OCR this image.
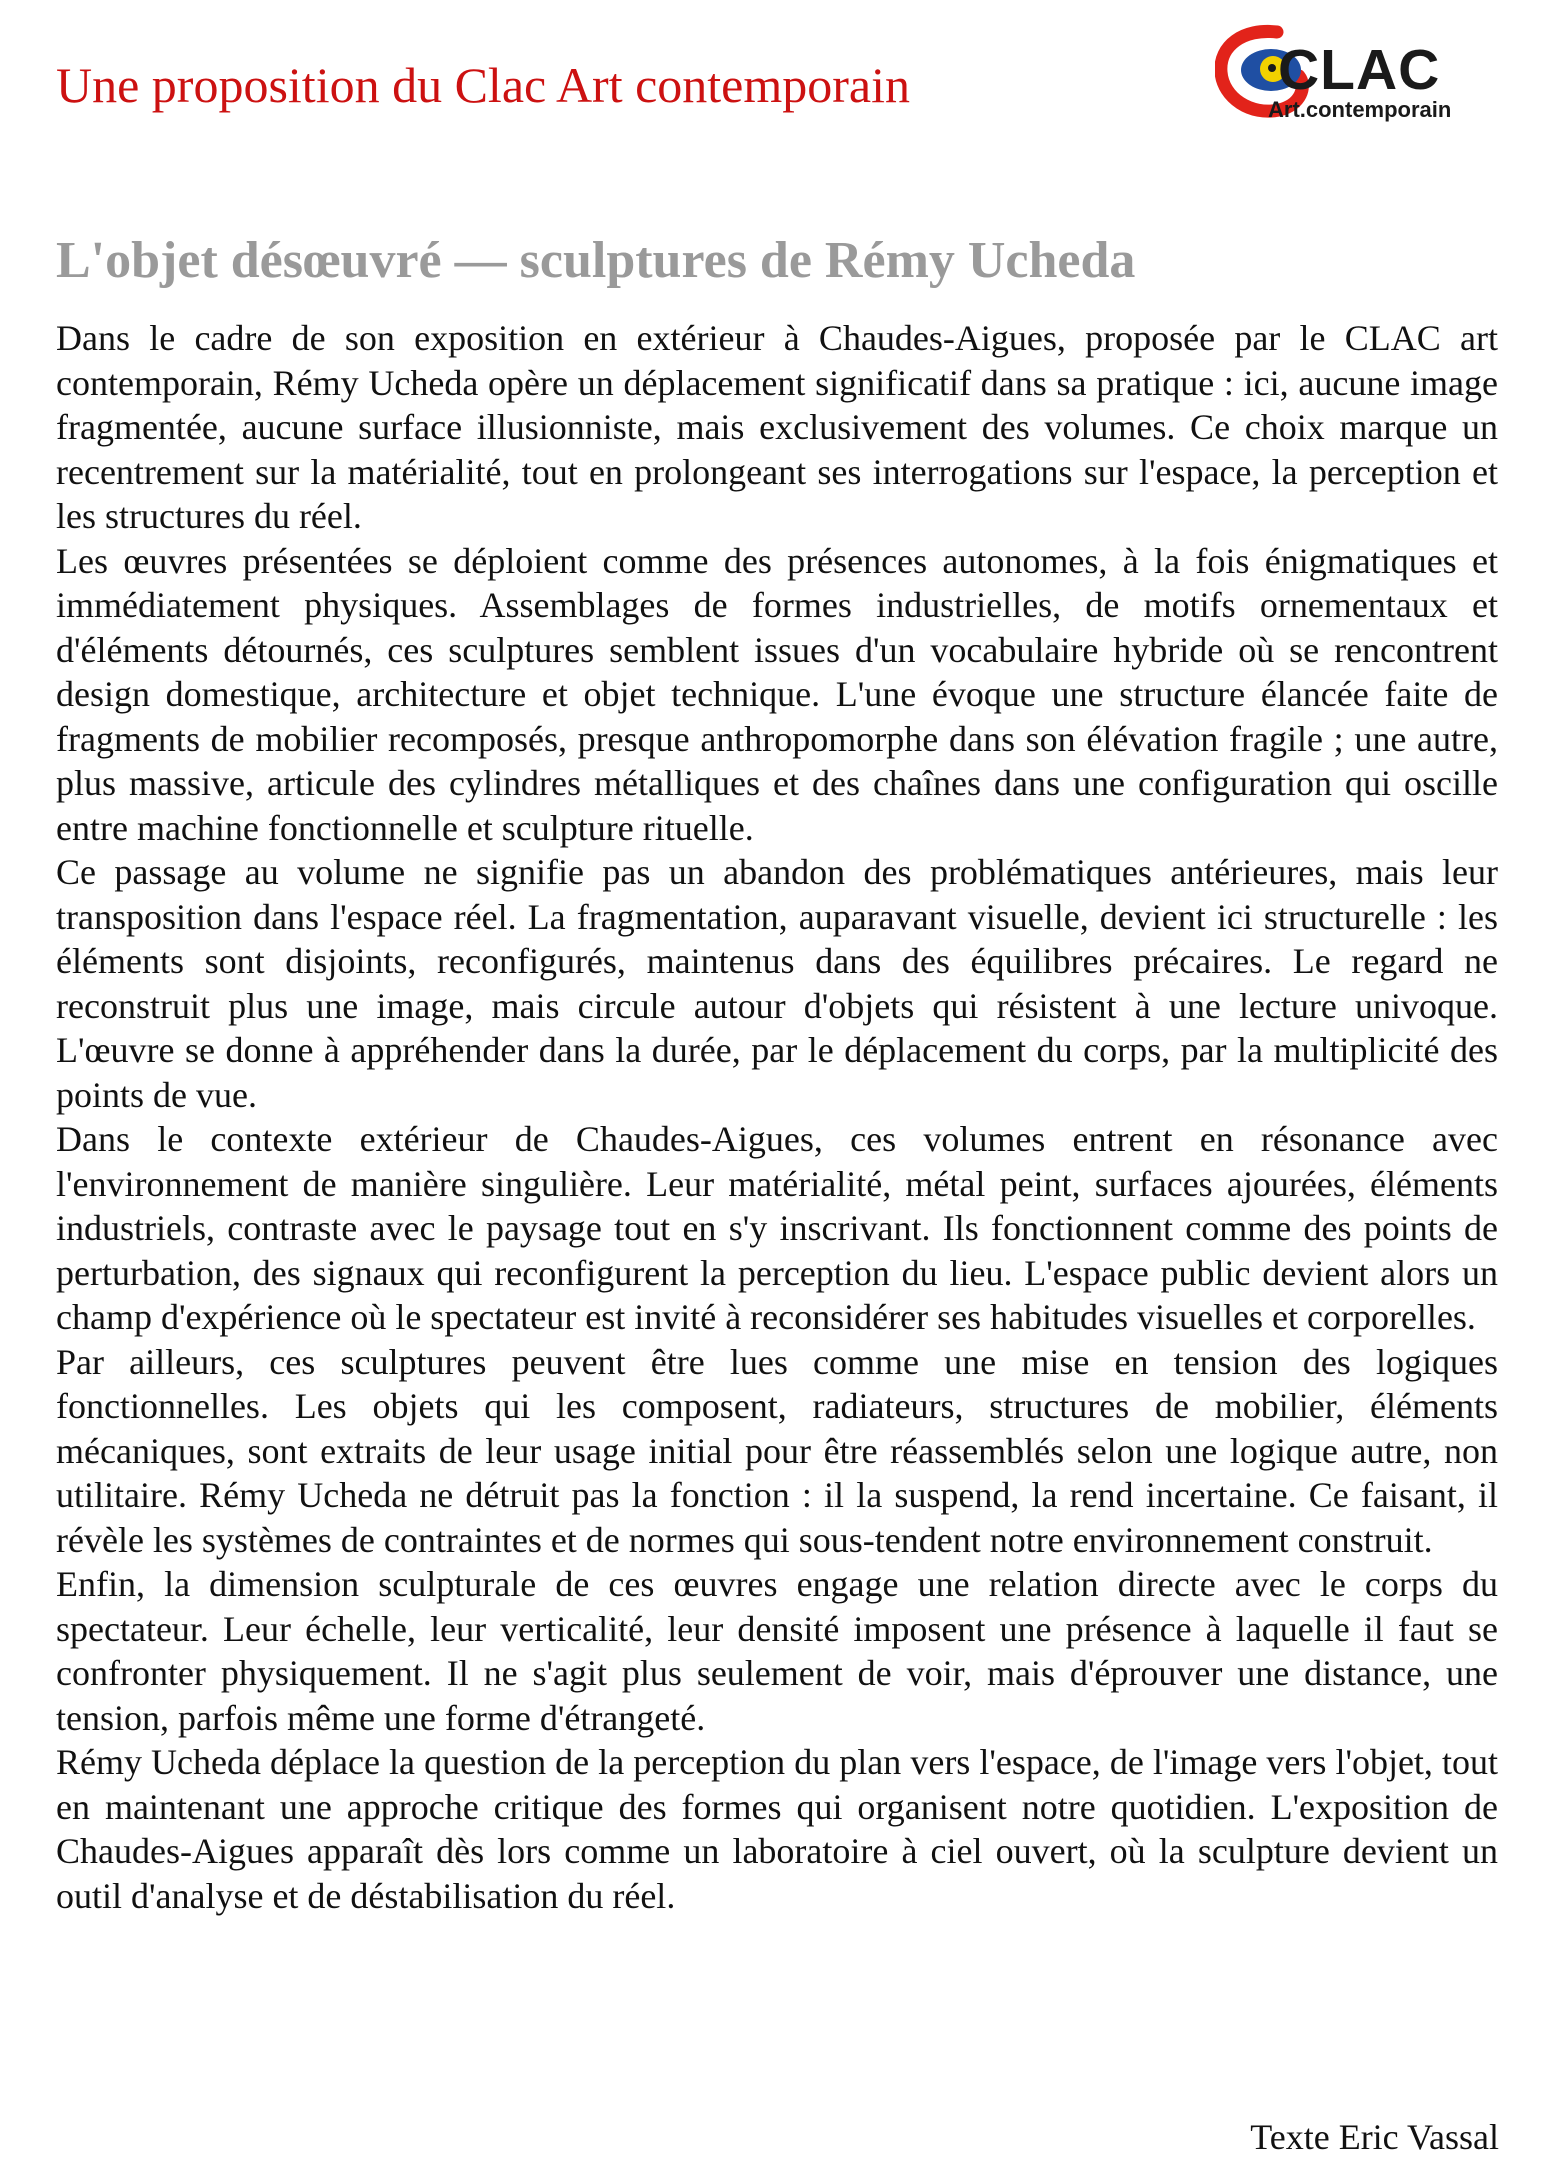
Une proposition du Clac Art contemporain	CLAC
Art.contemporain
L'objet désœuvré — sculptures de Rémy Ucheda

Dans le cadre de son exposition en extérieur à Chaudes-Aigues, proposée par le CLAC art contemporain, Rémy Ucheda opère un déplacement significatif dans sa pratique : ici, aucune image fragmentée, aucune surface illusionniste, mais exclusivement des volumes. Ce choix marque un recentrement sur la matérialité, tout en prolongeant ses interrogations sur l'espace, la perception et les structures du réel.

Les œuvres présentées se déploient comme des présences autonomes, à la fois énigmatiques et immédiatement physiques. Assemblages de formes industrielles, de motifs ornementaux et d'éléments détournés, ces sculptures semblent issues d'un vocabulaire hybride où se rencontrent design domestique, architecture et objet technique. L'une évoque une structure élancée faite de fragments de mobilier recomposés, presque anthropomorphe dans son élévation fragile ; une autre, plus massive, articule des cylindres métalliques et des chaînes dans une configuration qui oscille entre machine fonctionnelle et sculpture rituelle.

Ce passage au volume ne signifie pas un abandon des problématiques antérieures, mais leur transposition dans l'espace réel. La fragmentation, auparavant visuelle, devient ici structurelle : les éléments sont disjoints, reconfigurés, maintenus dans des équilibres précaires. Le regard ne reconstruit plus une image, mais circule autour d'objets qui résistent à une lecture univoque. L'œuvre se donne à appréhender dans la durée, par le déplacement du corps, par la multiplicité des points de vue.

Dans le contexte extérieur de Chaudes-Aigues, ces volumes entrent en résonance avec l'environnement de manière singulière. Leur matérialité, métal peint, surfaces ajourées, éléments industriels, contraste avec le paysage tout en s'y inscrivant. Ils fonctionnent comme des points de perturbation, des signaux qui reconfigurent la perception du lieu. L'espace public devient alors un champ d'expérience où le spectateur est invité à reconsidérer ses habitudes visuelles et corporelles.

Par ailleurs, ces sculptures peuvent être lues comme une mise en tension des logiques fonctionnelles. Les objets qui les composent, radiateurs, structures de mobilier, éléments mécaniques, sont extraits de leur usage initial pour être réassemblés selon une logique autre, non utilitaire. Rémy Ucheda ne détruit pas la fonction : il la suspend, la rend incertaine. Ce faisant, il révèle les systèmes de contraintes et de normes qui sous-tendent notre environnement construit.

Enfin, la dimension sculpturale de ces œuvres engage une relation directe avec le corps du spectateur. Leur échelle, leur verticalité, leur densité imposent une présence à laquelle il faut se confronter physiquement. Il ne s'agit plus seulement de voir, mais d'éprouver une distance, une tension, parfois même une forme d'étrangeté.

Rémy Ucheda déplace la question de la perception du plan vers l'espace, de l'image vers l'objet, tout en maintenant une approche critique des formes qui organisent notre quotidien. L'exposition de Chaudes-Aigues apparaît dès lors comme un laboratoire à ciel ouvert, où la sculpture devient un outil d'analyse et de déstabilisation du réel.

Texte Eric Vassal
